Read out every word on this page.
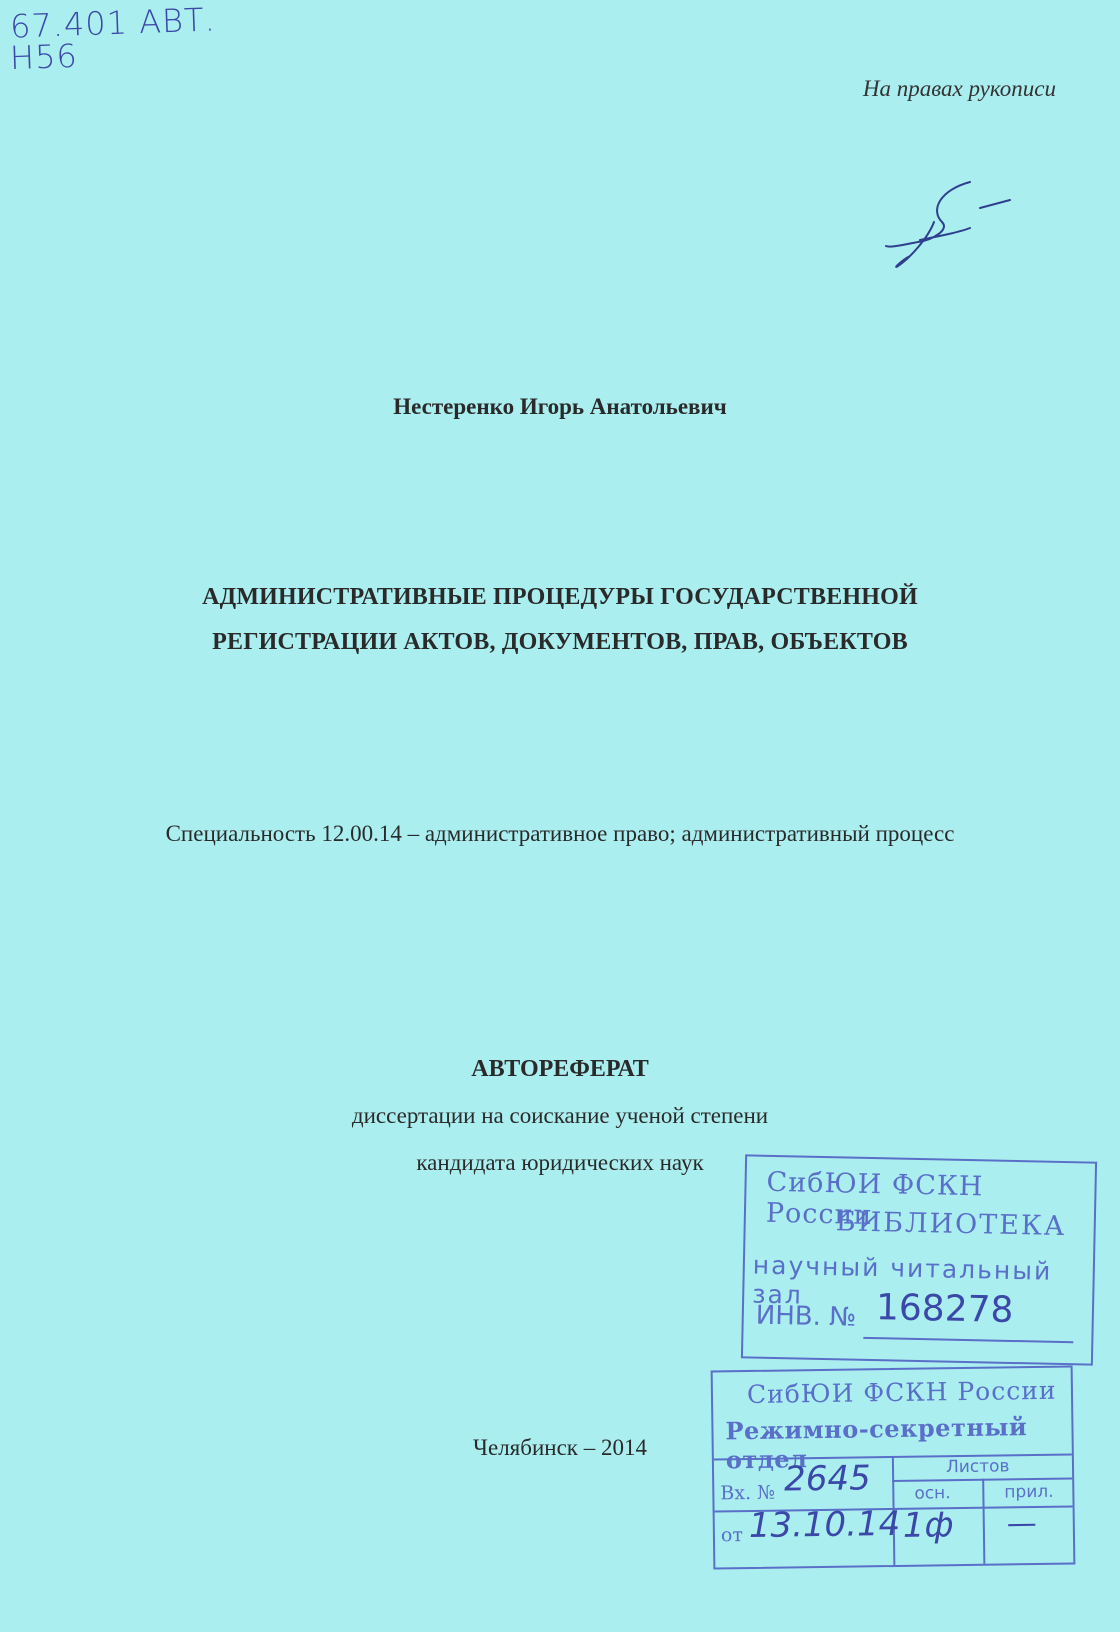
67.401 АВТ.
Н56
На правах рукописи
Нестеренко Игорь Анатольевич
АДМИНИСТРАТИВНЫЕ ПРОЦЕДУРЫ ГОСУДАРСТВЕННОЙ
РЕГИСТРАЦИИ АКТОВ, ДОКУМЕНТОВ, ПРАВ, ОБЪЕКТОВ
Специальность 12.00.14 – административное право; административный процесс
АВТОРЕФЕРАТ
диссертации на соискание ученой степени
кандидата юридических наук
Челябинск – 2014
СибЮИ ФСКН России
БИБЛИОТЕКА
научный читальный зал
ИНВ. № 168278
СибЮИ ФСКН России
Режимно-секретный отдел	Листов
осн.	прил.
Вх. № 2645
от 13.10.14 1ф —
